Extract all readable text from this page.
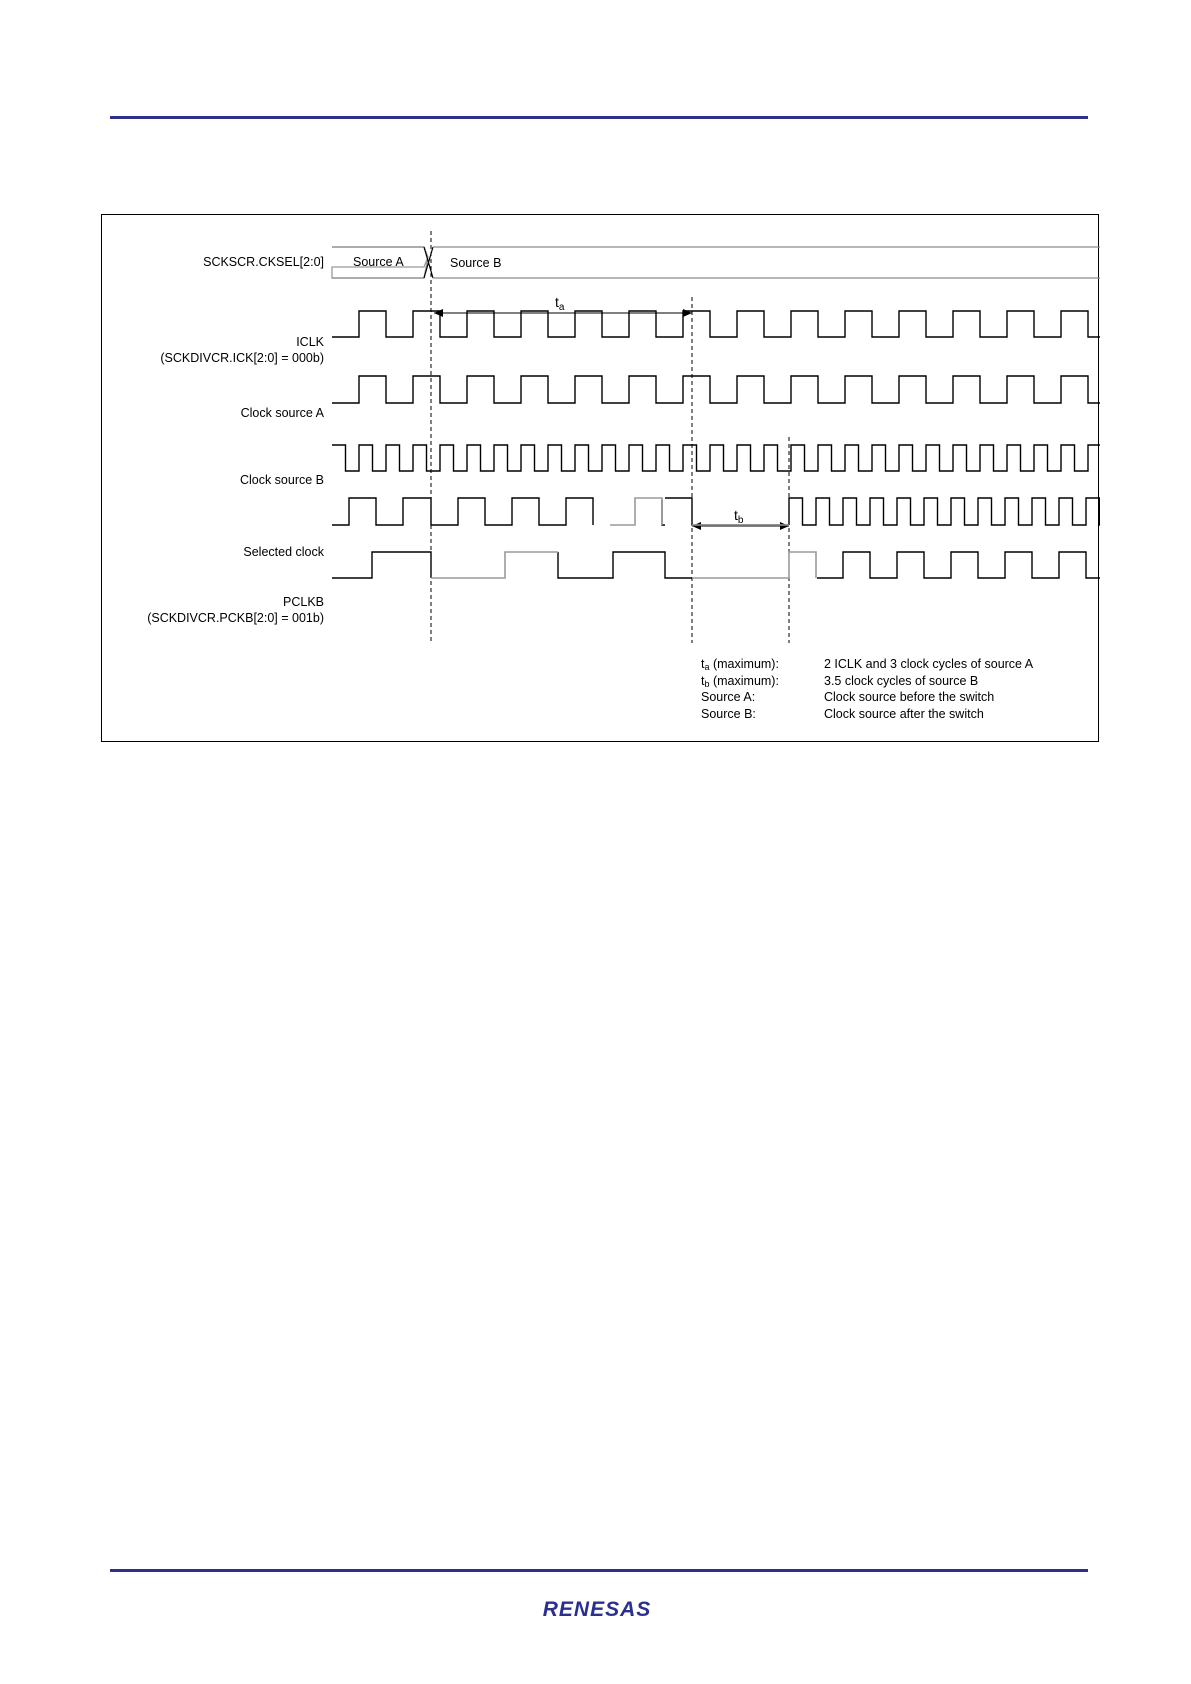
SCKSCR.CKSEL[2:0]
ICLK
(SCKDIVCR.ICK[2:0] = 000b)
Clock source A
Clock source B
Selected clock
PCLKB
(SCKDIVCR.PCKB[2:0] = 001b)
Source A	Source B
$t_a$
$t_b$
ta (maximum):	2 ICLK and 3 clock cycles of source A
tb (maximum):	3.5 clock cycles of source B
Source A:	Clock source before the switch
Source B:	Clock source after the switch
RENESAS
